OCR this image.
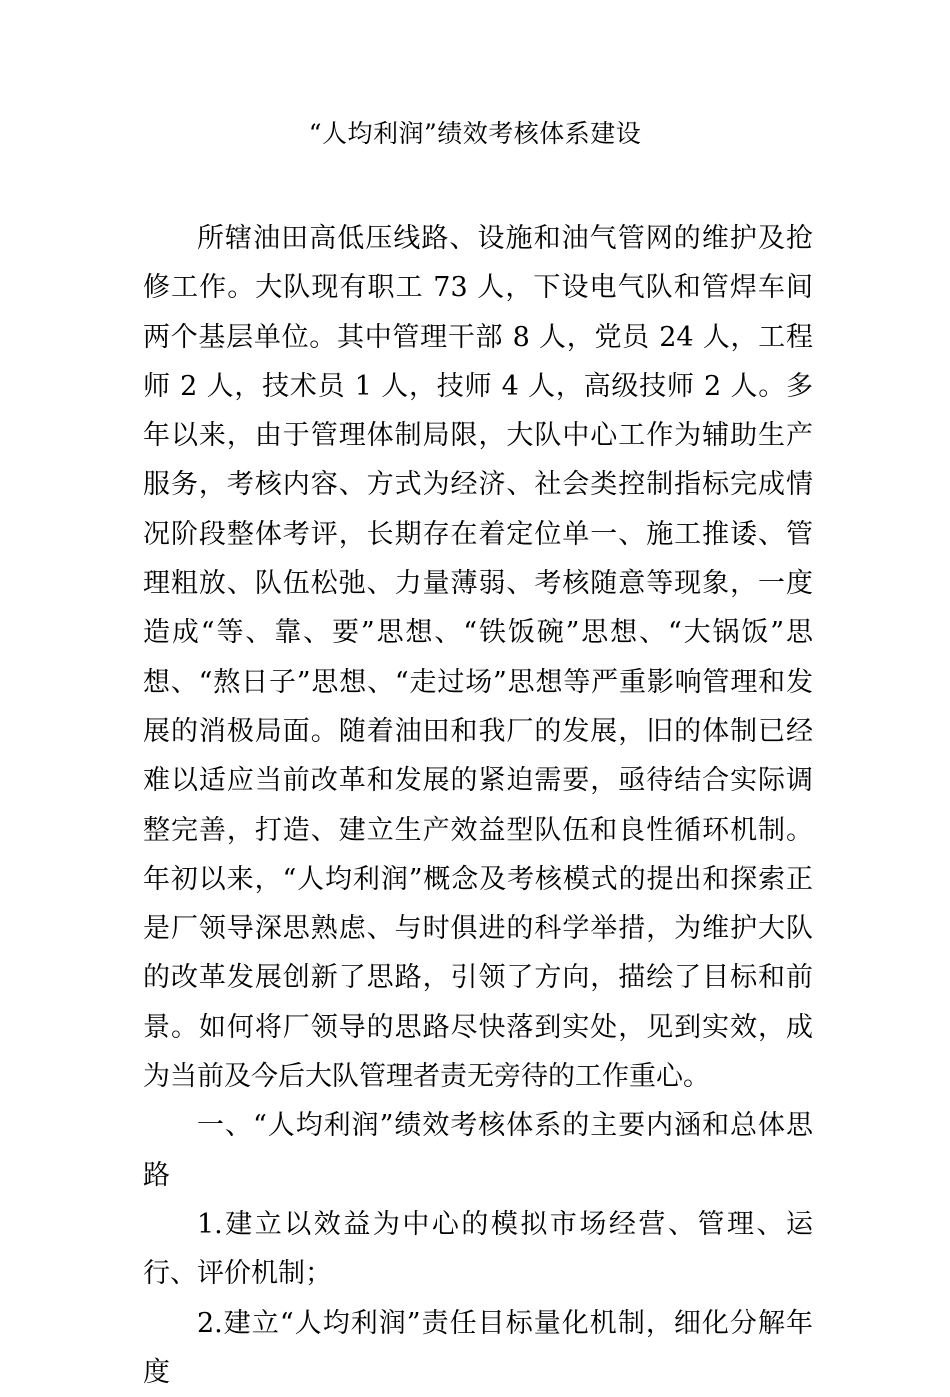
“人均利润”绩效考核体系建设

所辖油田高低压线路、设施和油气管网的维护及抢修工作。大队现有职工 73 人，下设电气队和管焊车间两个基层单位。其中管理干部 8 人，党员 24 人，工程师 2 人，技术员 1 人，技师 4 人，高级技师 2 人。多年以来，由于管理体制局限，大队中心工作为辅助生产服务，考核内容、方式为经济、社会类控制指标完成情况阶段整体考评，长期存在着定位单一、施工推诿、管理粗放、队伍松弛、力量薄弱、考核随意等现象，一度造成“等、靠、要”思想、“铁饭碗”思想、“大锅饭”思想、“熬日子”思想、“走过场”思想等严重影响管理和发展的消极局面。随着油田和我厂的发展，旧的体制已经难以适应当前改革和发展的紧迫需要，亟待结合实际调整完善，打造、建立生产效益型队伍和良性循环机制。年初以来，“人均利润”概念及考核模式的提出和探索正是厂领导深思熟虑、与时俱进的科学举措，为维护大队的改革发展创新了思路，引领了方向，描绘了目标和前景。如何将厂领导的思路尽快落到实处，见到实效，成为当前及今后大队管理者责无旁待的工作重心。

一、“人均利润”绩效考核体系的主要内涵和总体思路

1.建立以效益为中心的模拟市场经营、管理、运行、评价机制；

2.建立“人均利润”责任目标量化机制，细化分解年度
